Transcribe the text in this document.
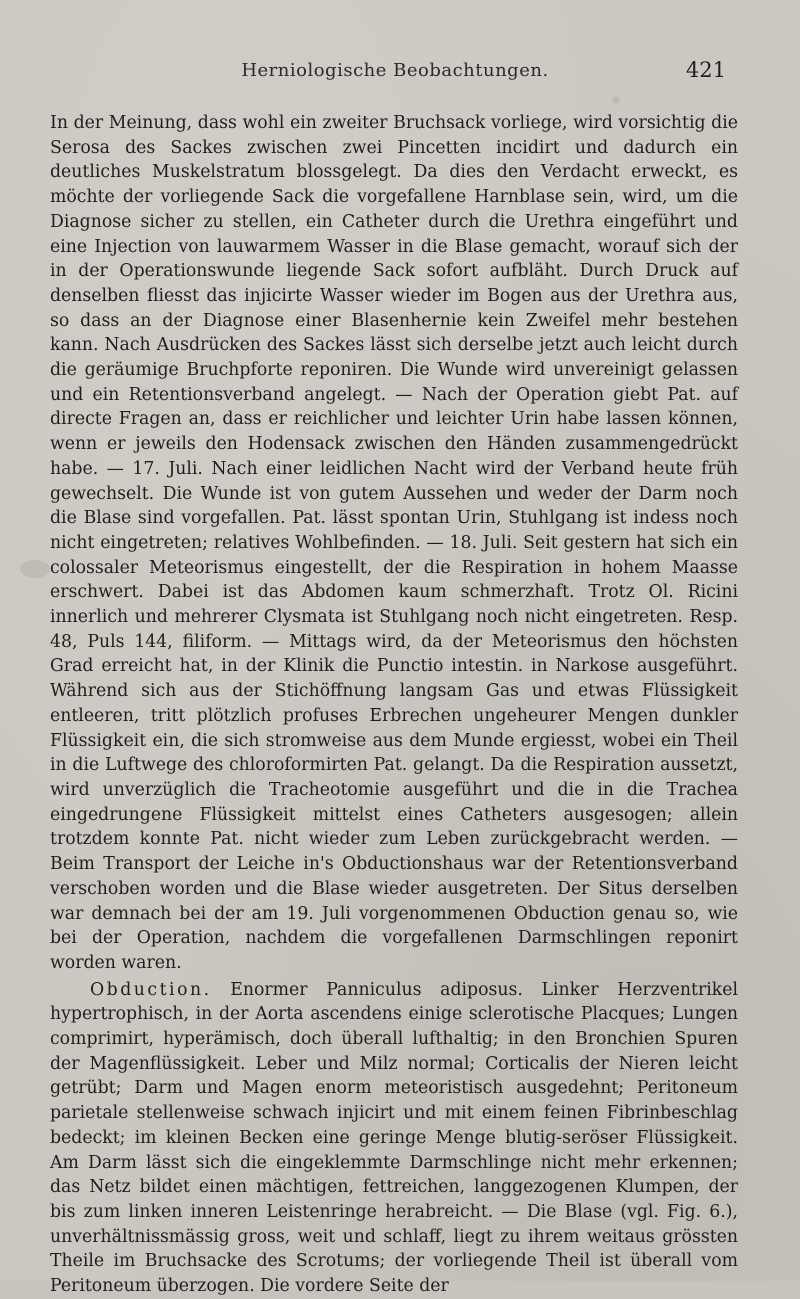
Herniologische Beobachtungen.	421

In der Meinung, dass wohl ein zweiter Bruchsack vorliege, wird vorsichtig die Serosa des Sackes zwischen zwei Pincetten incidirt und dadurch ein deutliches Muskelstratum blossgelegt. Da dies den Verdacht erweckt, es möchte der vorliegende Sack die vorgefallene Harnblase sein, wird, um die Diagnose sicher zu stellen, ein Catheter durch die Urethra eingeführt und eine Injection von lauwarmem Wasser in die Blase gemacht, worauf sich der in der Operationswunde liegende Sack sofort aufbläht. Durch Druck auf denselben fliesst das injicirte Wasser wieder im Bogen aus der Urethra aus, so dass an der Diagnose einer Blasenhernie kein Zweifel mehr bestehen kann. Nach Ausdrücken des Sackes lässt sich derselbe jetzt auch leicht durch die geräumige Bruchpforte reponiren. Die Wunde wird unvereinigt gelassen und ein Retentionsverband angelegt. — Nach der Operation giebt Pat. auf directe Fragen an, dass er reichlicher und leichter Urin habe lassen können, wenn er jeweils den Hodensack zwischen den Händen zusammengedrückt habe. — 17. Juli. Nach einer leidlichen Nacht wird der Verband heute früh gewechselt. Die Wunde ist von gutem Aussehen und weder der Darm noch die Blase sind vorgefallen. Pat. lässt spontan Urin, Stuhlgang ist indess noch nicht eingetreten; relatives Wohlbefinden. — 18. Juli. Seit gestern hat sich ein colossaler Meteorismus eingestellt, der die Respiration in hohem Maasse erschwert. Dabei ist das Abdomen kaum schmerzhaft. Trotz Ol. Ricini innerlich und mehrerer Clysmata ist Stuhlgang noch nicht eingetreten. Resp. 48, Puls 144, filiform. — Mittags wird, da der Meteorismus den höchsten Grad erreicht hat, in der Klinik die Punctio intestin. in Narkose ausgeführt. Während sich aus der Stichöffnung langsam Gas und etwas Flüssigkeit entleeren, tritt plötzlich profuses Erbrechen ungeheurer Mengen dunkler Flüssigkeit ein, die sich stromweise aus dem Munde ergiesst, wobei ein Theil in die Luftwege des chloroformirten Pat. gelangt. Da die Respiration aussetzt, wird unverzüglich die Tracheotomie ausgeführt und die in die Trachea eingedrungene Flüssigkeit mittelst eines Catheters ausgesogen; allein trotzdem konnte Pat. nicht wieder zum Leben zurückgebracht werden. — Beim Transport der Leiche in's Obductionshaus war der Retentionsverband verschoben worden und die Blase wieder ausgetreten. Der Situs derselben war demnach bei der am 19. Juli vorgenommenen Obduction genau so, wie bei der Operation, nachdem die vorgefallenen Darmschlingen reponirt worden waren.

Obduction. Enormer Panniculus adiposus. Linker Herzventrikel hypertrophisch, in der Aorta ascendens einige sclerotische Placques; Lungen comprimirt, hyperämisch, doch überall lufthaltig; in den Bronchien Spuren der Magenflüssigkeit. Leber und Milz normal; Corticalis der Nieren leicht getrübt; Darm und Magen enorm meteoristisch ausgedehnt; Peritoneum parietale stellenweise schwach injicirt und mit einem feinen Fibrinbeschlag bedeckt; im kleinen Becken eine geringe Menge blutig-seröser Flüssigkeit. Am Darm lässt sich die eingeklemmte Darmschlinge nicht mehr erkennen; das Netz bildet einen mächtigen, fettreichen, langgezogenen Klumpen, der bis zum linken inneren Leistenringe herabreicht. — Die Blase (vgl. Fig. 6.), unverhältnissmässig gross, weit und schlaff, liegt zu ihrem weitaus grössten Theile im Bruchsacke des Scrotums; der vorliegende Theil ist überall vom Peritoneum überzogen. Die vordere Seite der
